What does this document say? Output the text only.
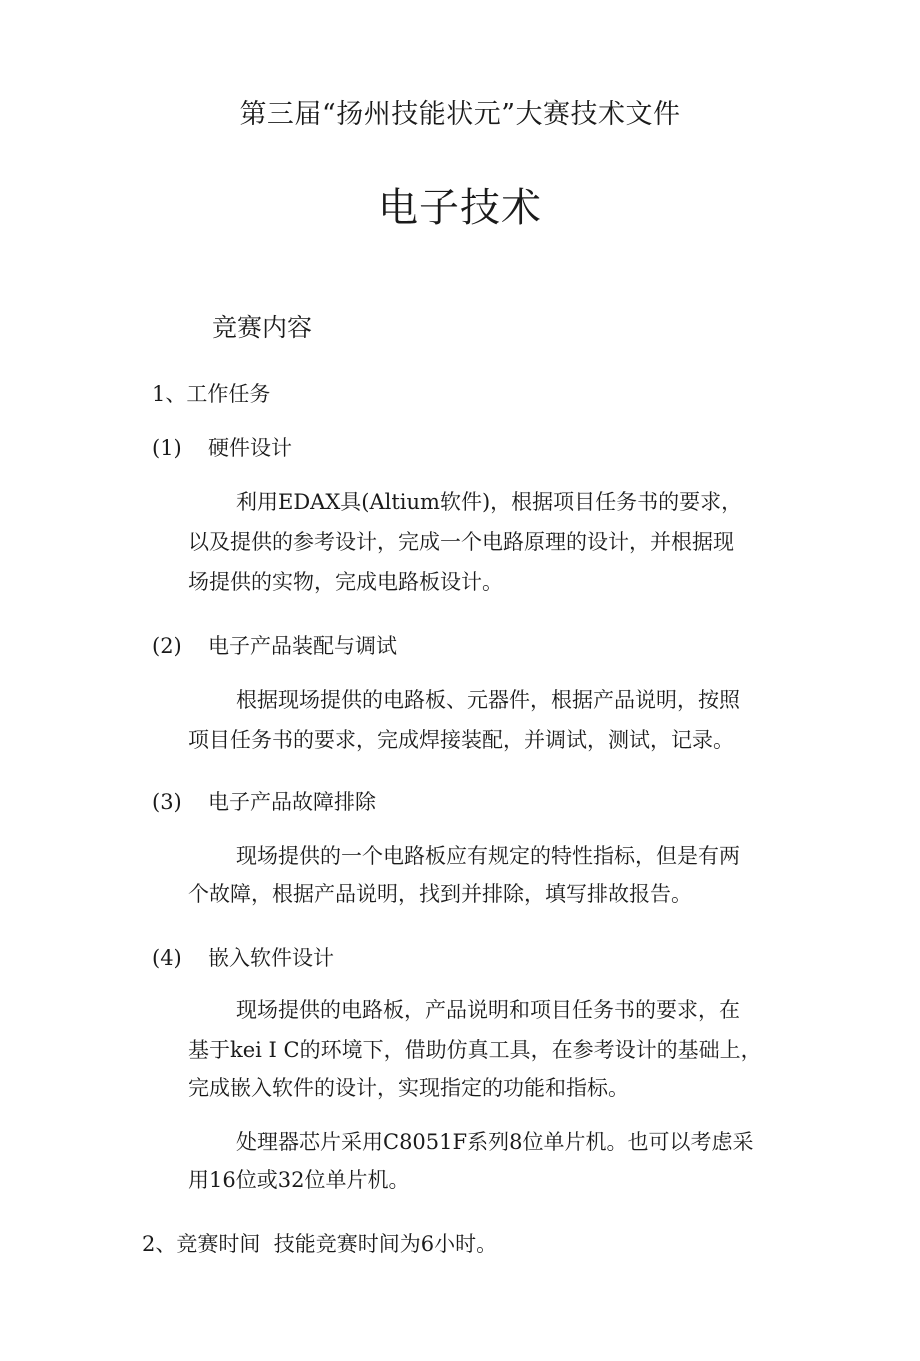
第三届“扬州技能状元”大赛技术文件
电子技术
竞赛内容
1、工作任务
(1) 硬件设计
利用EDAX具(Altium软件)，根据项目任务书的要求，
以及提供的参考设计，完成一个电路原理的设计，并根据现
场提供的实物，完成电路板设计。
(2) 电子产品装配与调试
根据现场提供的电路板、元器件，根据产品说明，按照
项目任务书的要求，完成焊接装配，并调试，测试，记录。
(3) 电子产品故障排除
现场提供的一个电路板应有规定的特性指标，但是有两
个故障，根据产品说明，找到并排除，填写排故报告。
(4) 嵌入软件设计
现场提供的电路板，产品说明和项目任务书的要求，在
基于kei I C的环境下，借助仿真工具，在参考设计的基础上，
完成嵌入软件的设计，实现指定的功能和指标。
处理器芯片采用C8051F系列8位单片机。也可以考虑采
用16位或32位单片机。
2、竞赛时间 技能竞赛时间为6小时。
